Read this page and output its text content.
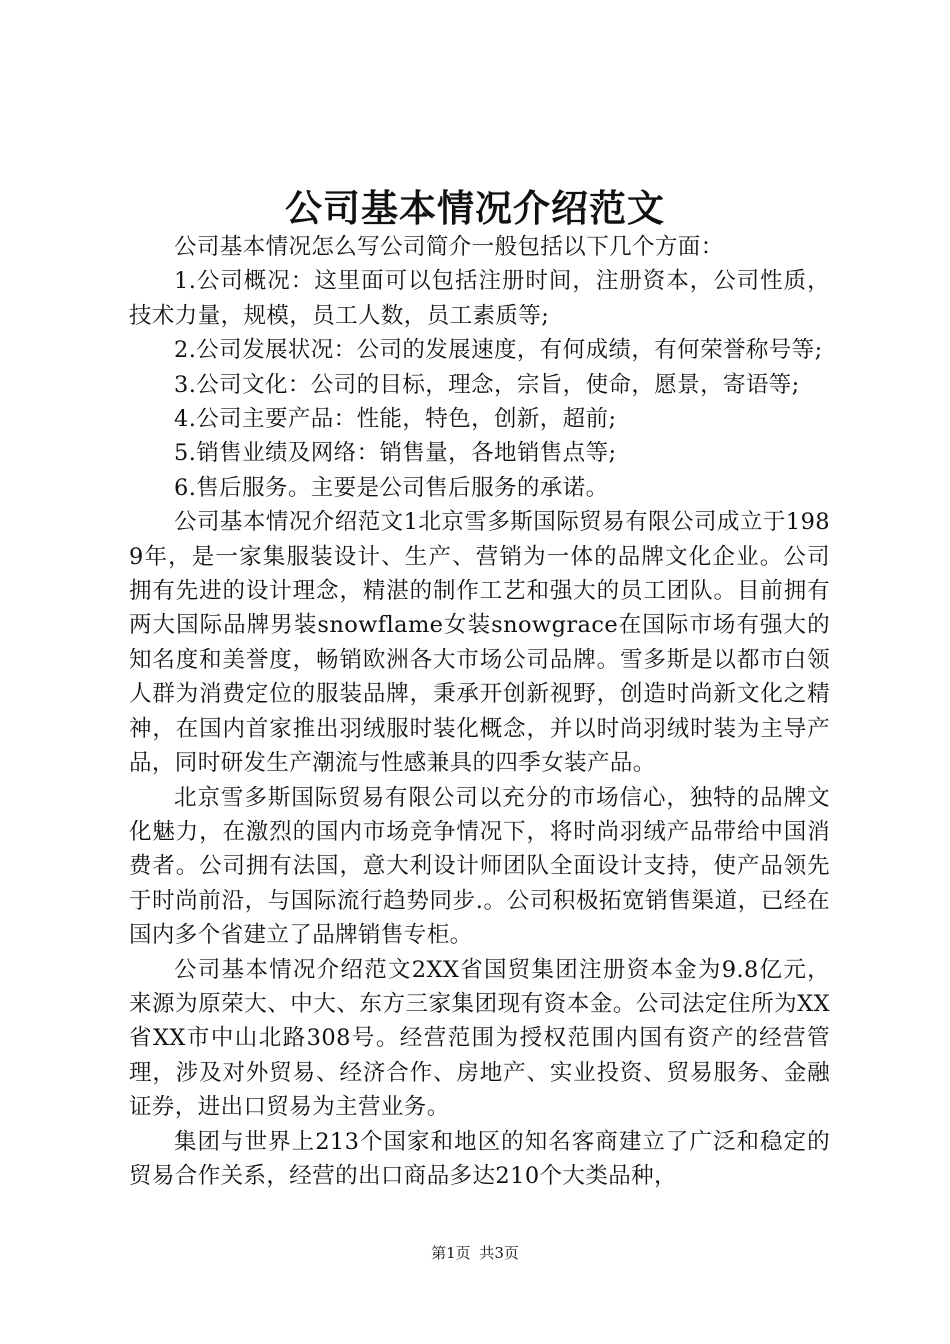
公司基本情况介绍范文

公司基本情况怎么写公司简介一般包括以下几个方面：

1.公司概况：这里面可以包括注册时间，注册资本，公司性质，技术力量，规模，员工人数，员工素质等;

2.公司发展状况：公司的发展速度，有何成绩，有何荣誉称号等;

3.公司文化：公司的目标，理念，宗旨，使命，愿景，寄语等;

4.公司主要产品：性能，特色，创新，超前;

5.销售业绩及网络：销售量，各地销售点等;

6.售后服务。主要是公司售后服务的承诺。

公司基本情况介绍范文1北京雪多斯国际贸易有限公司成立于1989年，是一家集服装设计、生产、营销为一体的品牌文化企业。公司拥有先进的设计理念，精湛的制作工艺和强大的员工团队。目前拥有两大国际品牌男装snowflame女装snowgrace在国际市场有强大的知名度和美誉度，畅销欧洲各大市场公司品牌。雪多斯是以都市白领人群为消费定位的服装品牌，秉承开创新视野，创造时尚新文化之精神，在国内首家推出羽绒服时装化概念，并以时尚羽绒时装为主导产品，同时研发生产潮流与性感兼具的四季女装产品。

北京雪多斯国际贸易有限公司以充分的市场信心，独特的品牌文化魅力，在激烈的国内市场竞争情况下，将时尚羽绒产品带给中国消费者。公司拥有法国，意大利设计师团队全面设计支持，使产品领先于时尚前沿，与国际流行趋势同步.。公司积极拓宽销售渠道，已经在国内多个省建立了品牌销售专柜。

公司基本情况介绍范文2XX省国贸集团注册资本金为9.8亿元，来源为原荣大、中大、东方三家集团现有资本金。公司法定住所为XX省XX市中山北路308号。经营范围为授权范围内国有资产的经营管理，涉及对外贸易、经济合作、房地产、实业投资、贸易服务、金融证券，进出口贸易为主营业务。

集团与世界上213个国家和地区的知名客商建立了广泛和稳定的贸易合作关系，经营的出口商品多达210个大类品种，

第1页 共3页
